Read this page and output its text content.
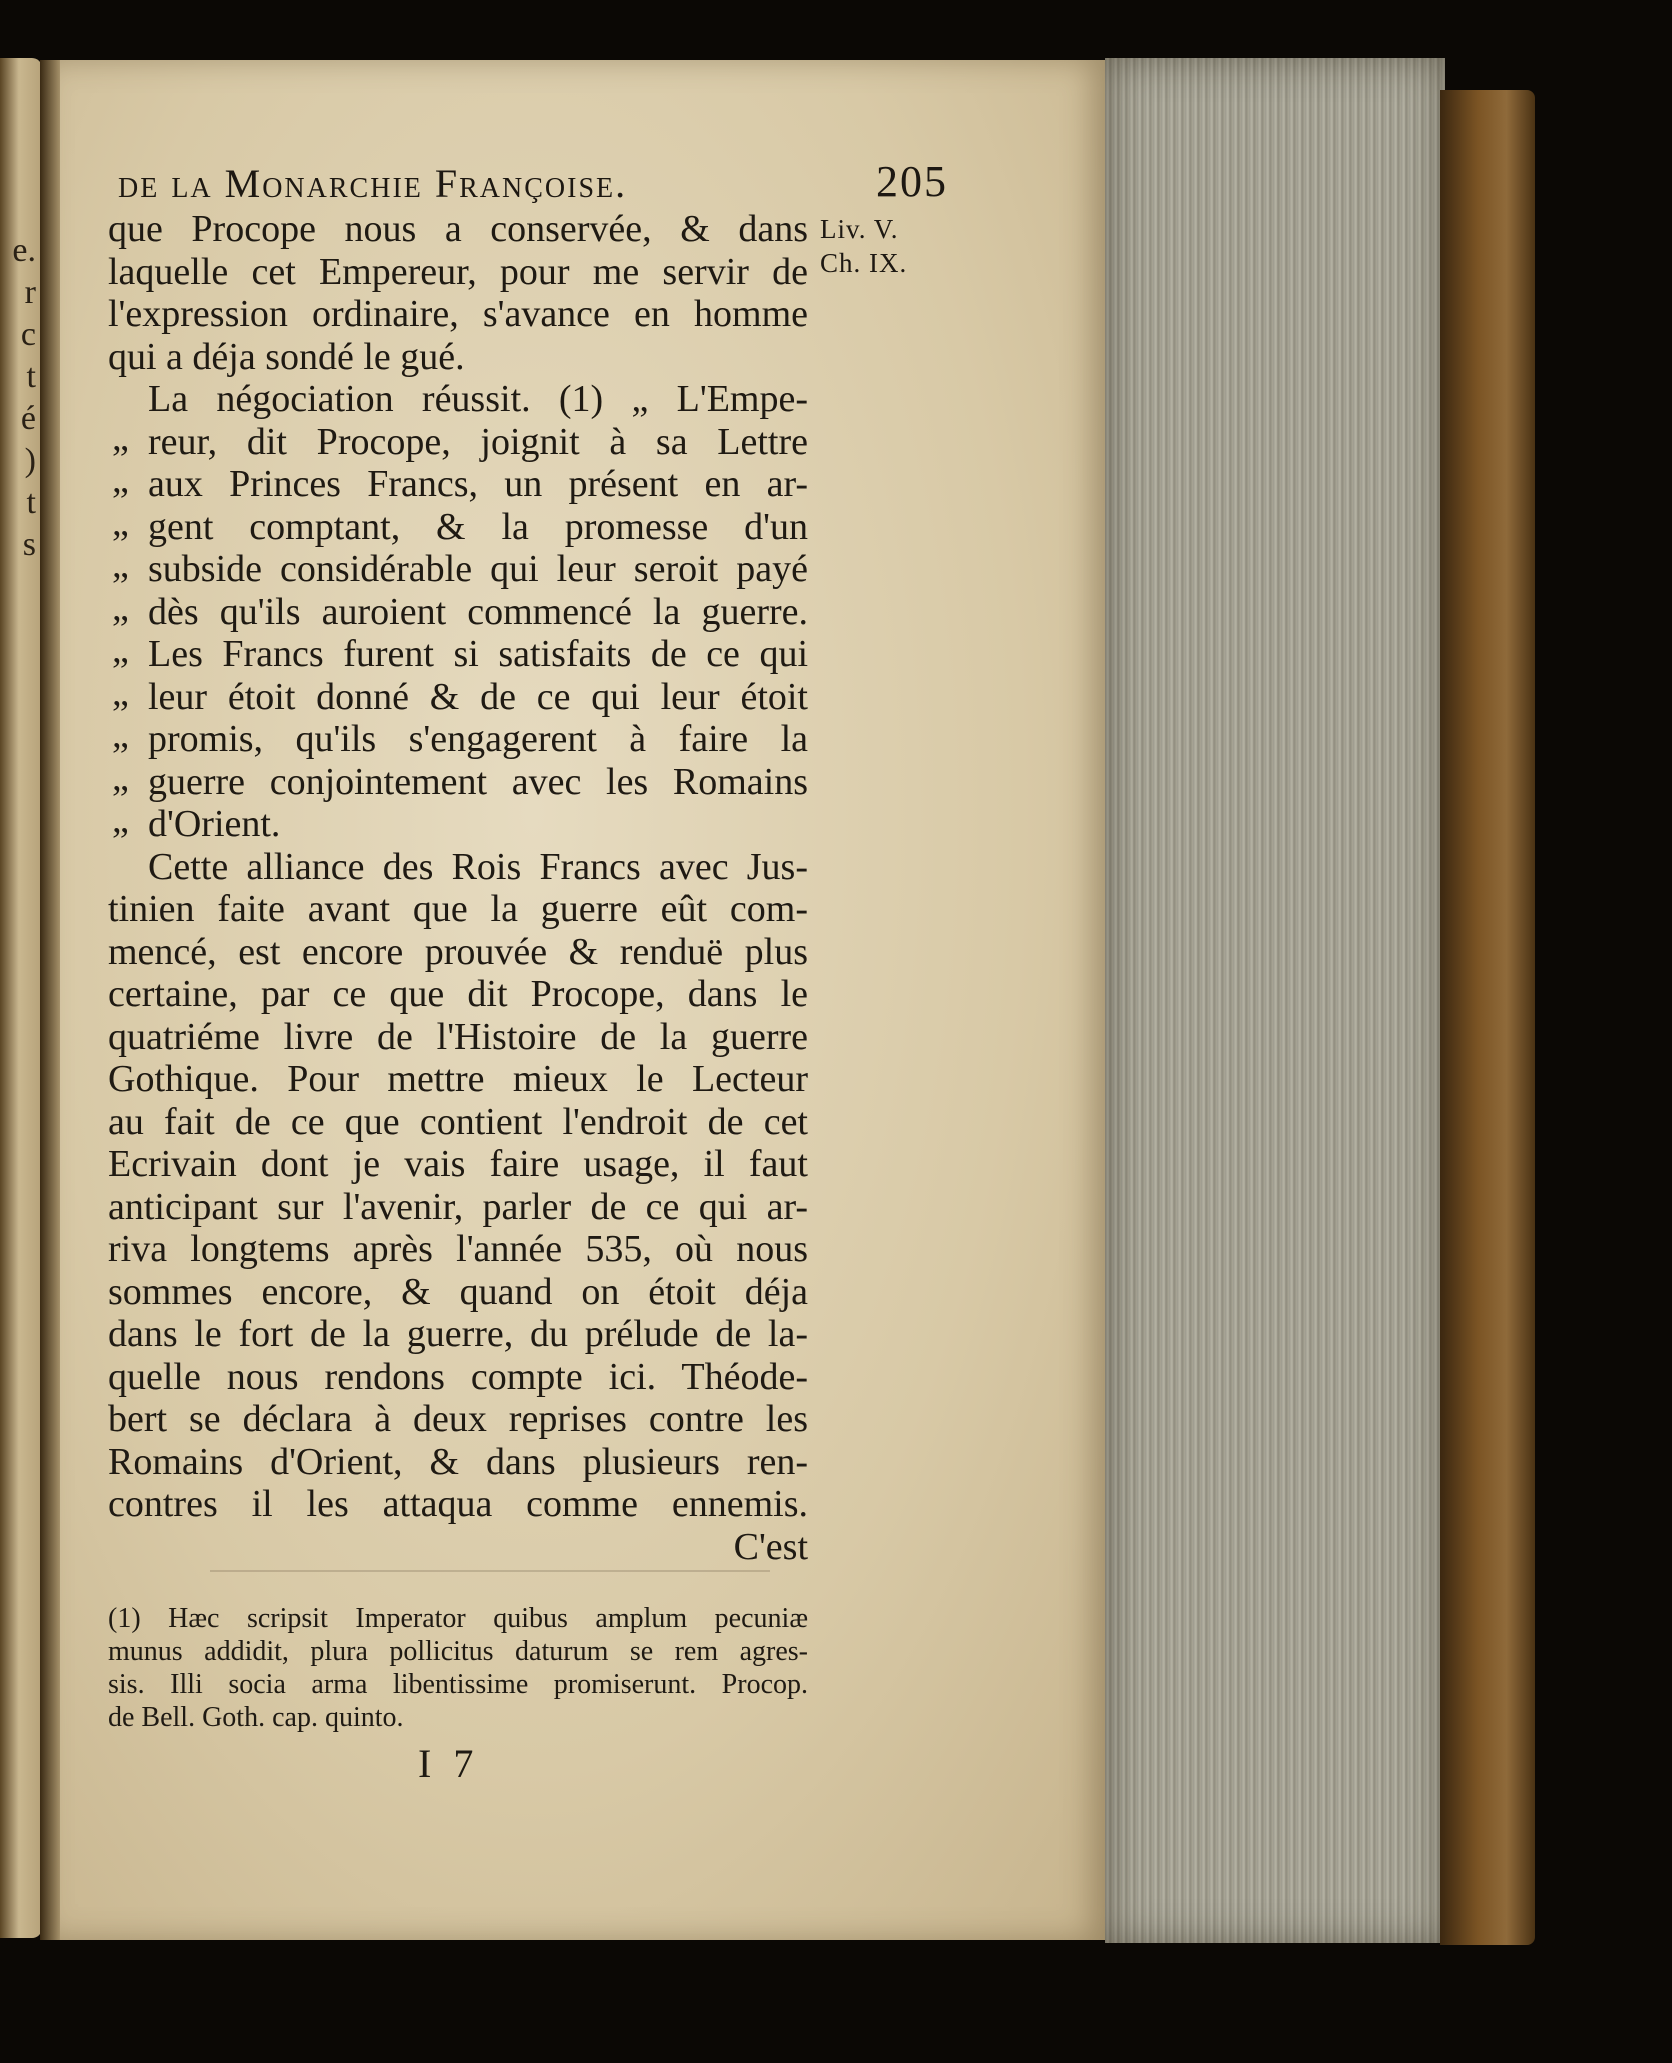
e.
r
c
t
é
)
t
s
de la Monarchie Françoise.	205
Liv. V.
Ch. IX.
que Procope nous a conservée, & dans
laquelle cet Empereur, pour me servir de
l'expression ordinaire, s'avance en homme
qui a déja sondé le gué.
La négociation réussit. (1) „ L'Empe-
„ reur, dit Procope, joignit à sa Lettre
„ aux Princes Francs, un présent en ar-
„ gent comptant, & la promesse d'un
„ subside considérable qui leur seroit payé
„ dès qu'ils auroient commencé la guerre.
„ Les Francs furent si satisfaits de ce qui
„ leur étoit donné & de ce qui leur étoit
„ promis, qu'ils s'engagerent à faire la
„ guerre conjointement avec les Romains
„ d'Orient.
Cette alliance des Rois Francs avec Jus-
tinien faite avant que la guerre eût com-
mencé, est encore prouvée & renduë plus
certaine, par ce que dit Procope, dans le
quatriéme livre de l'Histoire de la guerre
Gothique. Pour mettre mieux le Lecteur
au fait de ce que contient l'endroit de cet
Ecrivain dont je vais faire usage, il faut
anticipant sur l'avenir, parler de ce qui ar-
riva longtems après l'année 535, où nous
sommes encore, & quand on étoit déja
dans le fort de la guerre, du prélude de la-
quelle nous rendons compte ici. Théode-
bert se déclara à deux reprises contre les
Romains d'Orient, & dans plusieurs ren-
contres il les attaqua comme ennemis.
C'est
(1) Hæc scripsit Imperator quibus amplum pecuniæ
munus addidit, plura pollicitus daturum se rem agres-
sis. Illi socia arma libentissime promiserunt. Procop.
de Bell. Goth. cap. quinto.
I 7
